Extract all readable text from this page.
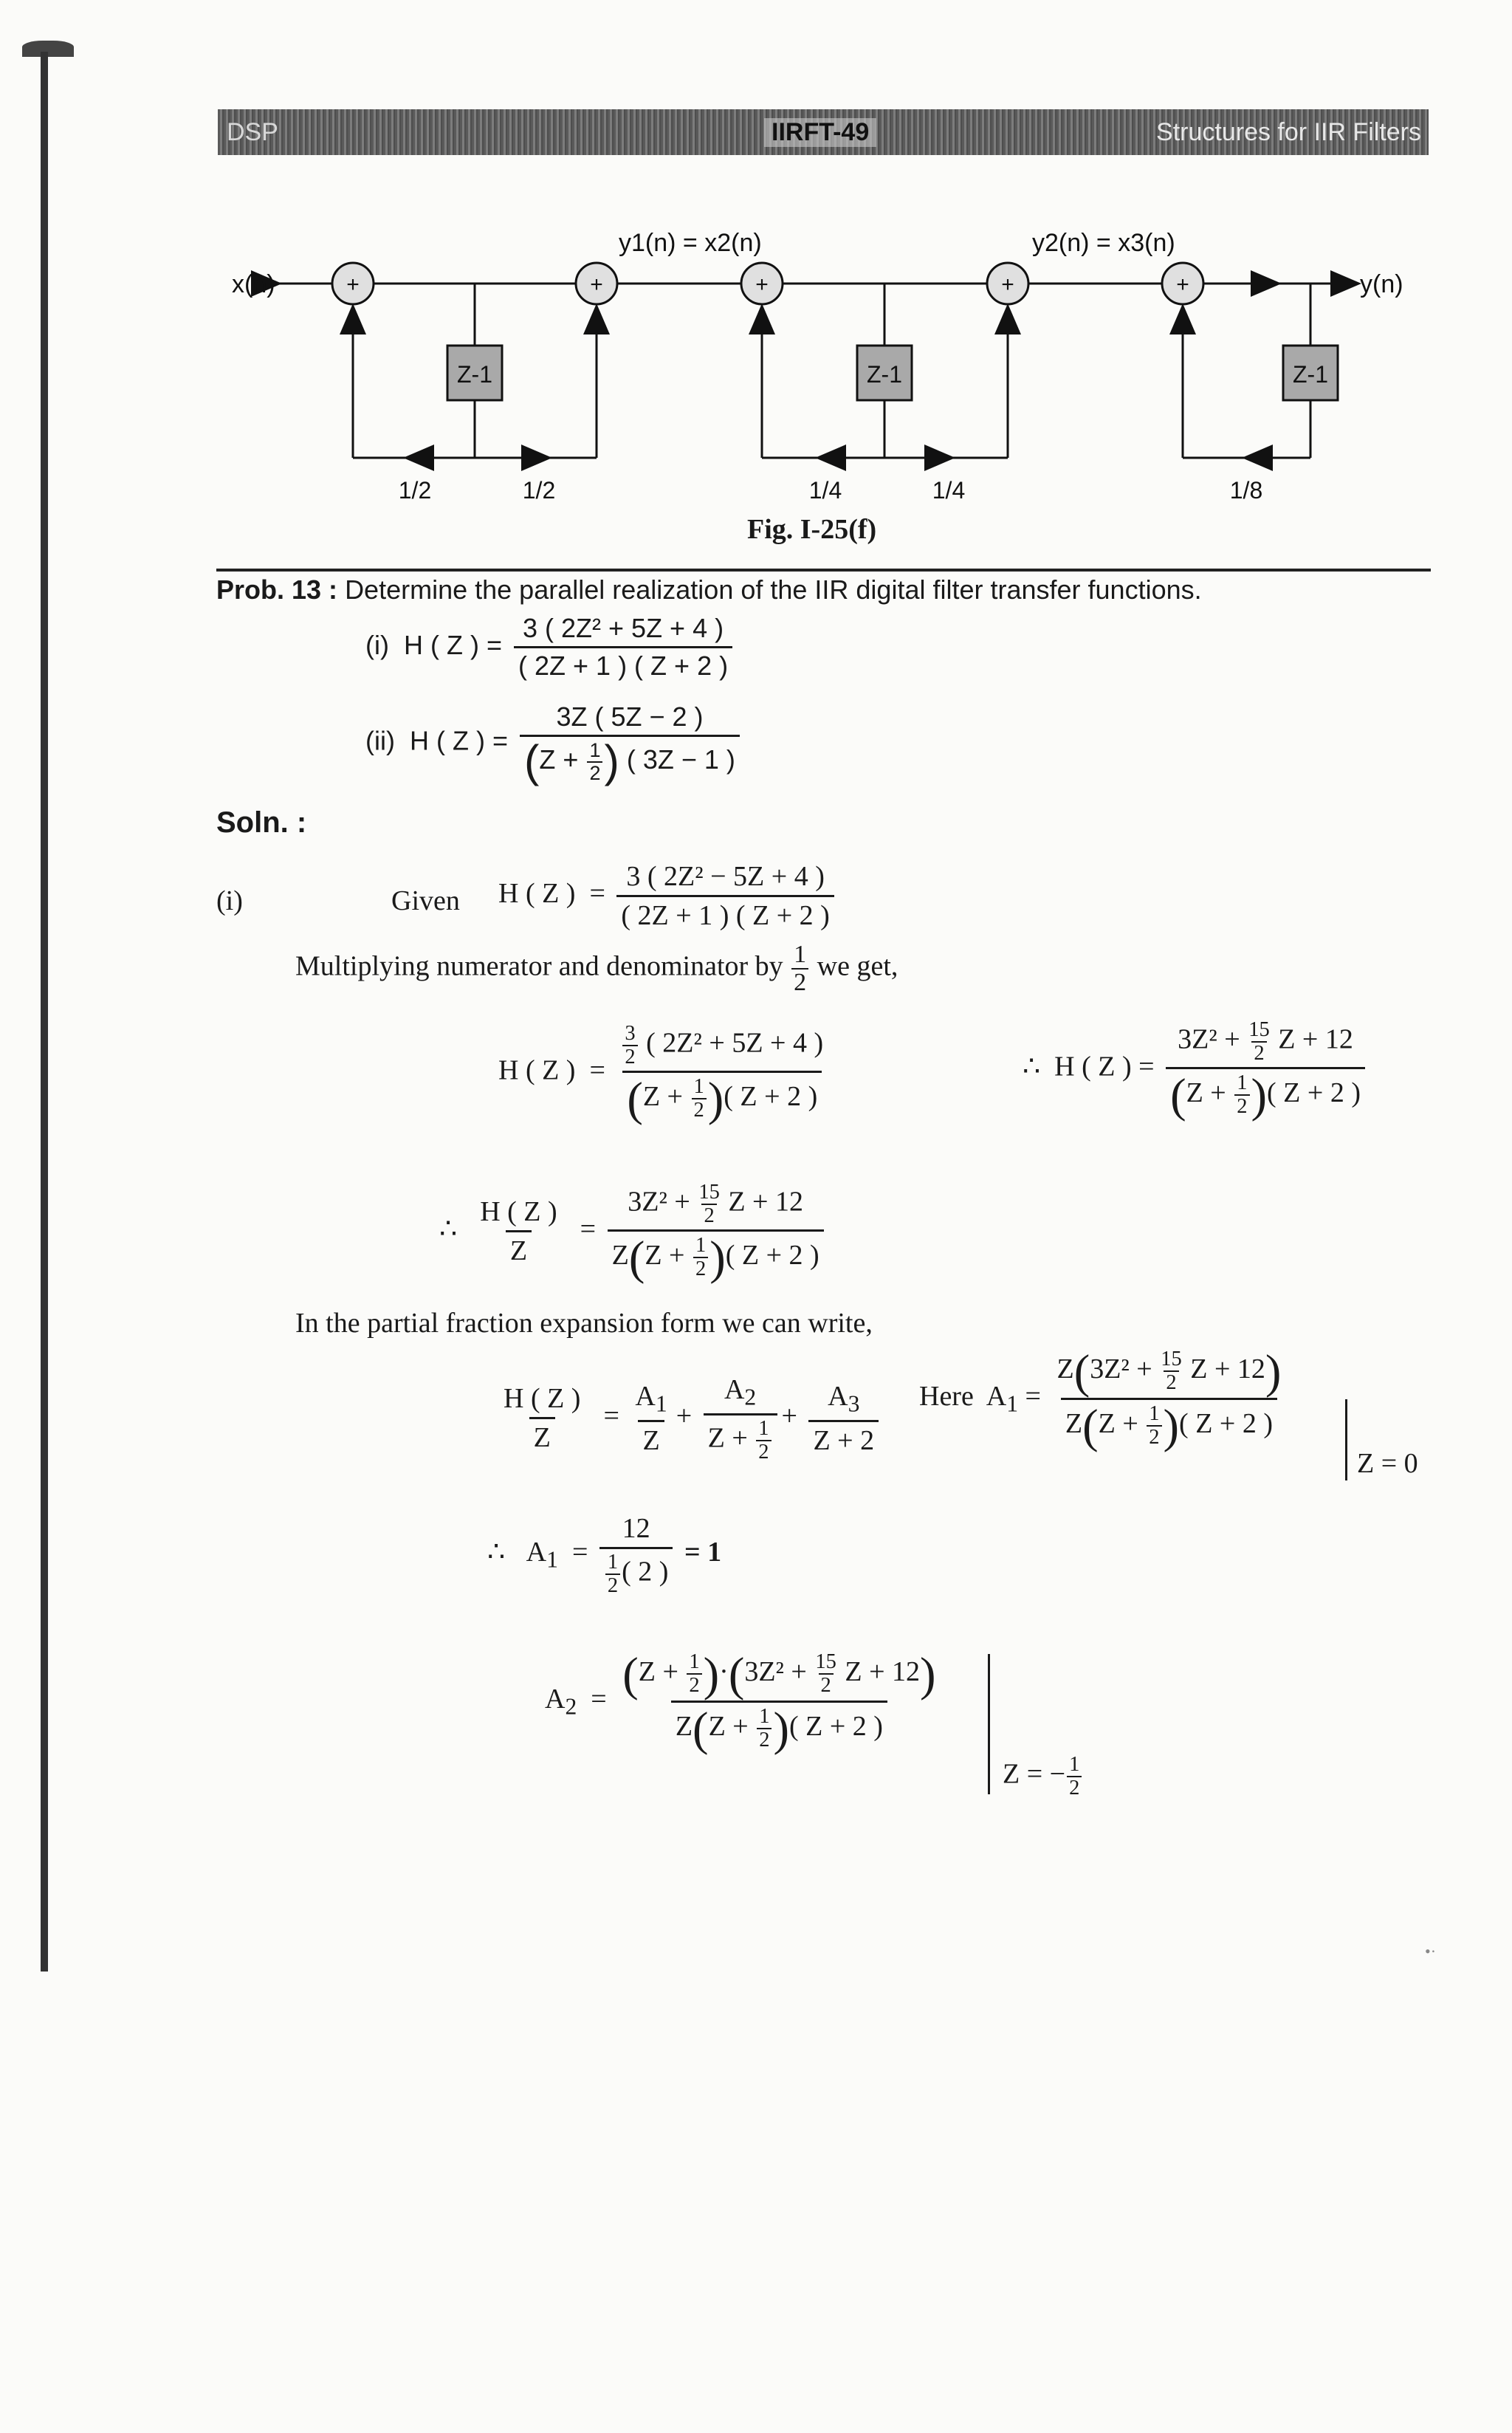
DSP	IIRFT-49	Structures for IIR Filters
+	+	+	+	+
Z-1	Z-1	Z-1
x(n)	y(n)
y1(n) = x2(n)	y2(n) = x3(n)
1/2	1/2	1/4	1/4	1/8
Fig. I-25(f)
Prob. 13 : Determine the parallel realization of the IIR digital filter transfer functions.
(i) H ( Z ) = $\frac{\text{3 ( 2Z² + 5Z + 4 )}}{( 2Z + 1 ) ( Z + 2 )}$
(ii) H ( Z ) = $\frac{3Z ( 5Z - 2 )}{(Z + \frac{1}{2} ) ( 3Z - 1 )}$
Soln. :
(i)	Given H ( Z ) = $\frac{\text{3 ( 2Z² − 5Z + 4 )}}{( 2Z + 1 ) ( Z + 2 )}$
Multiplying numerator and denominator by $\frac{1}{2}$ we get,
H ( Z )  = $\frac{\frac{3}{2} ( 2Z^2 + 5Z + 4 )}{(Z + \frac{1}{2} )( Z + 2 )}$	∴  H ( Z ) = $\frac{3Z^2 + \frac{15}{2} Z + 12}{(Z + \frac{1}{2} )( Z + 2 )}$
∴ $\frac{H ( Z )}{Z} = \frac{3Z^2 + \frac{15}{2} Z + 12}{Z(Z + \frac{1}{2} )( Z + 2 )}$
In the partial fraction expansion form we can write,
$\frac{H ( Z )}{Z} = \frac{A_1}{Z} + \frac{A_2}{Z + \frac{1}{2}} + \frac{A_3}{Z + 2}$ Here  $A_1 = \frac{Z(3Z^2 + \frac{15}{2} Z + 12)}{Z(Z + \frac{1}{2} )( Z + 2 )}$
Z = 0
∴   $A_1 = \frac{12}{\frac{1}{2} ( 2 )} = 1$
$A_2 = \frac{(Z + \frac{1}{2} )\cdot(3Z^2 + \frac{15}{2} Z + 12)}{Z(Z + \frac{1}{2} )( Z + 2 )}$
Z = − $\frac{1}{2}$
•·
